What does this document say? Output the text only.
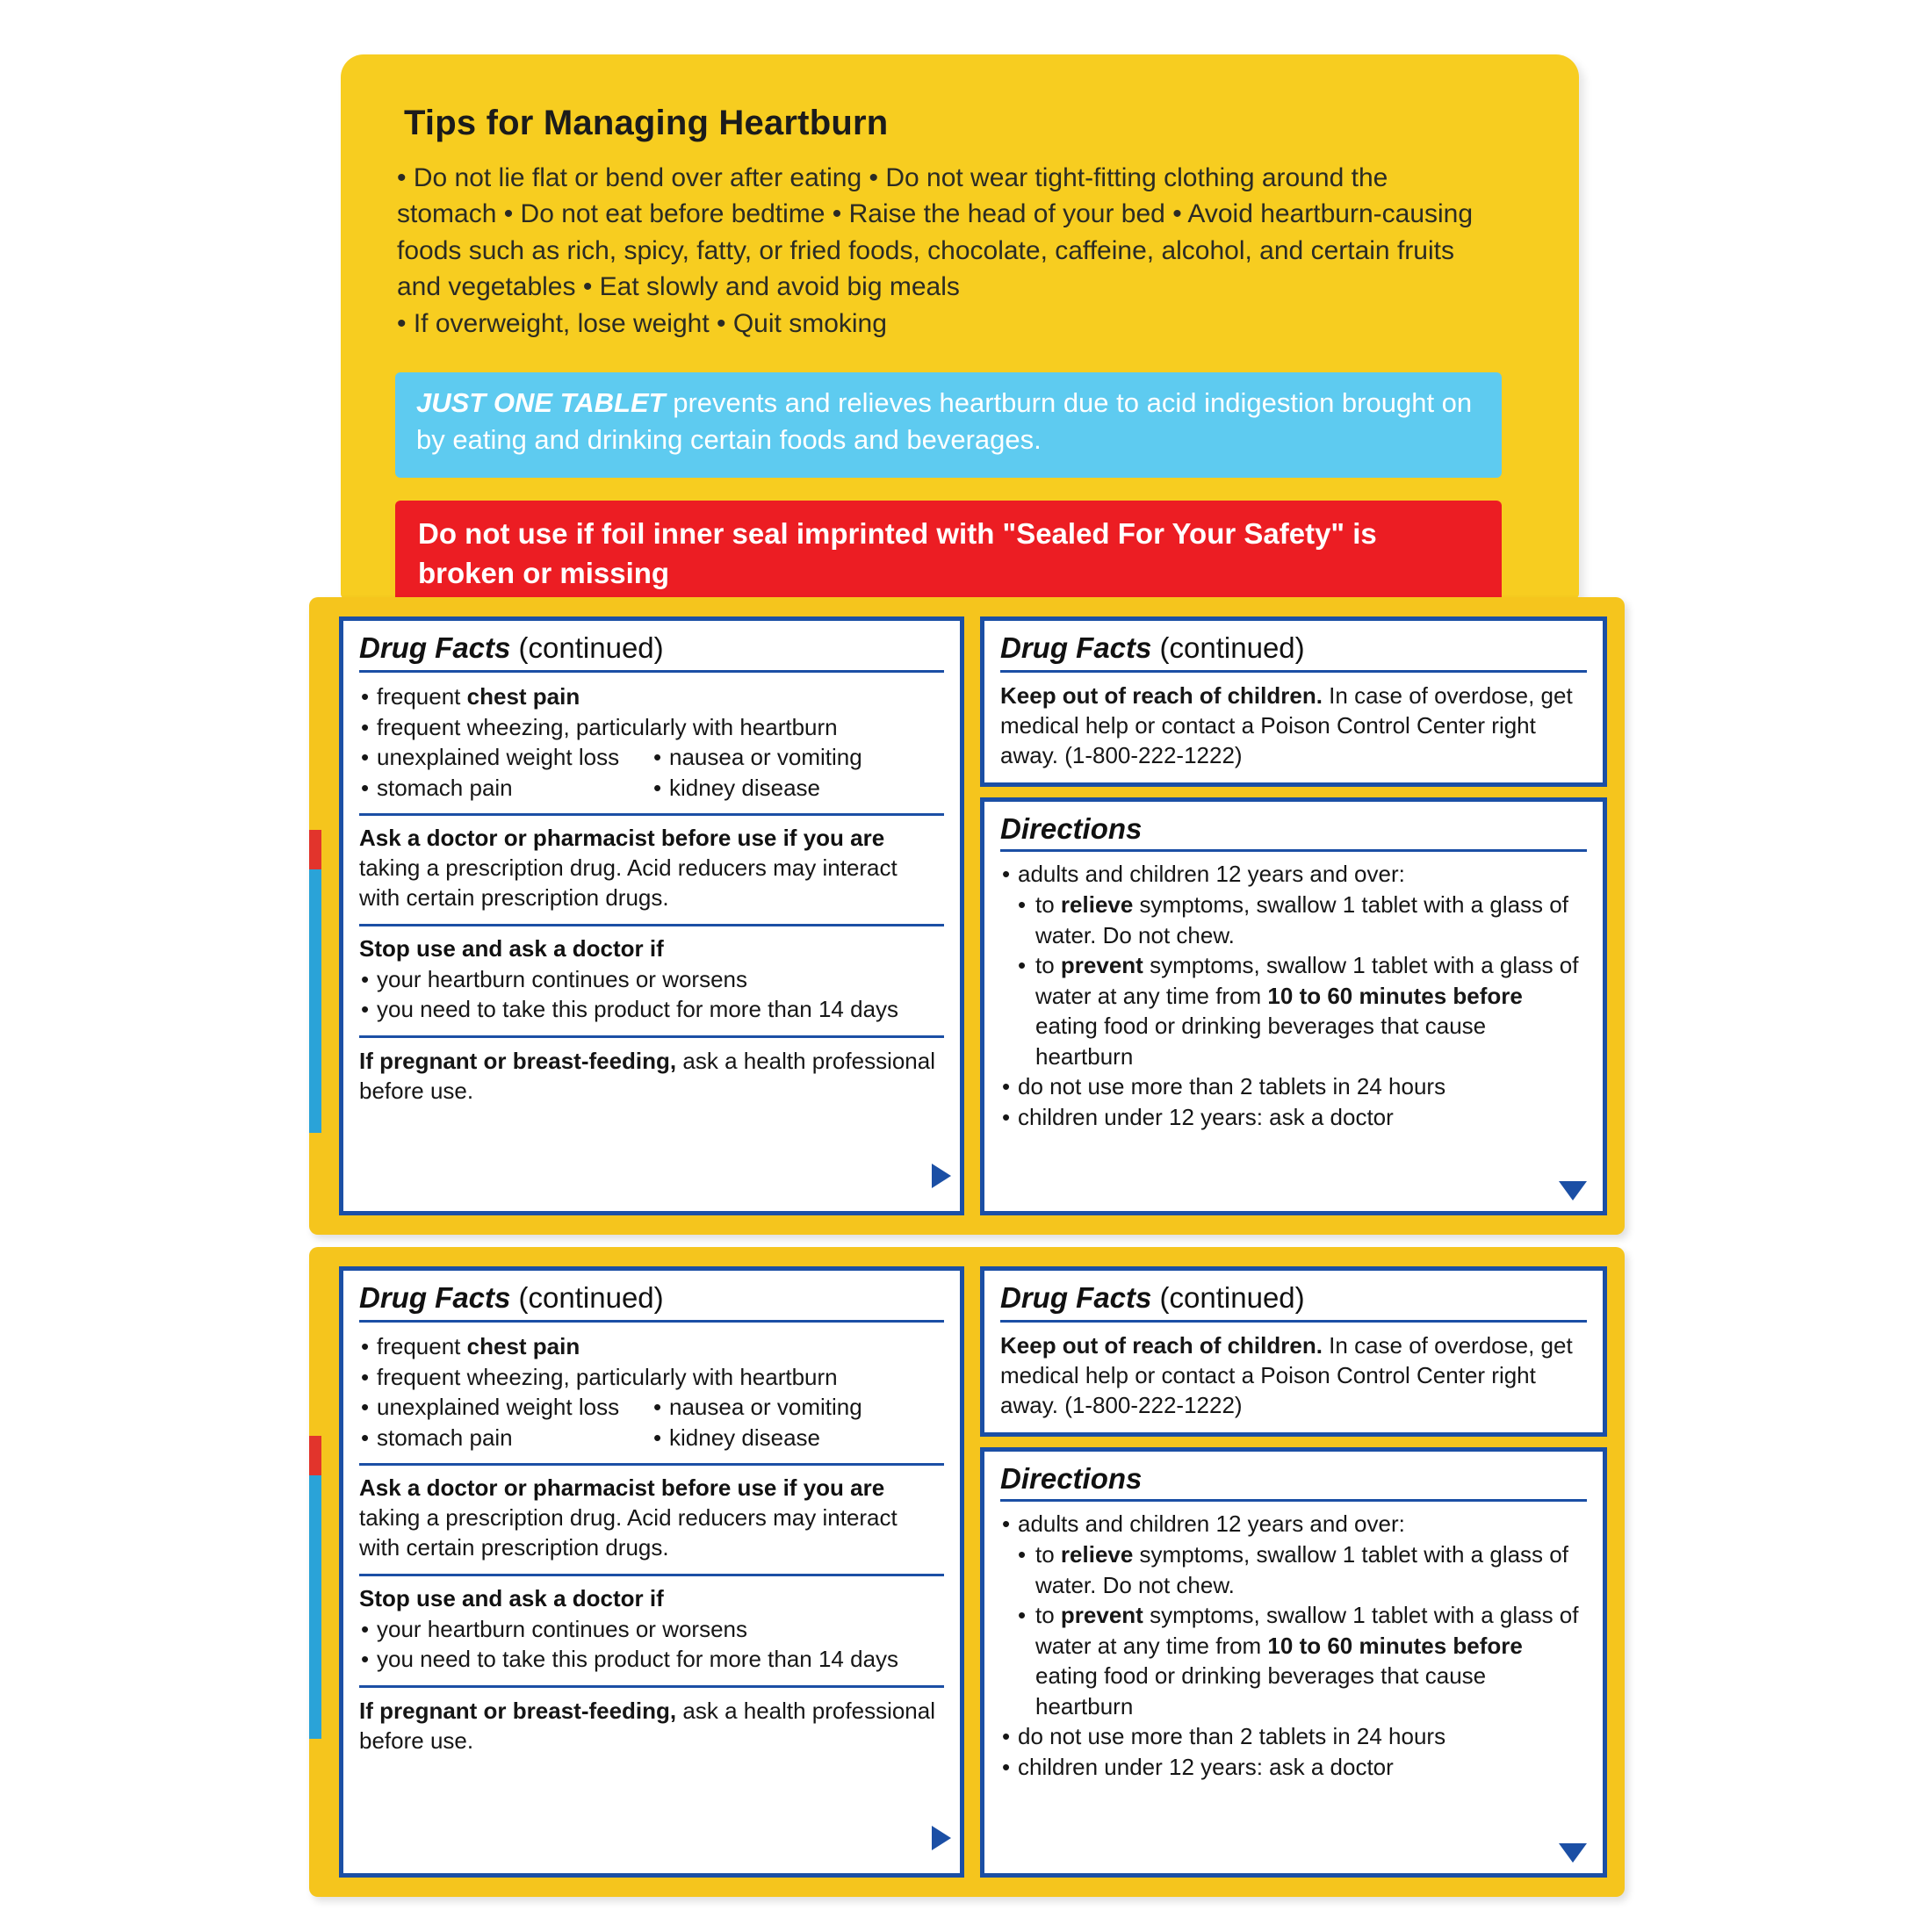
Tips for Managing Heartburn
• Do not lie flat or bend over after eating • Do not wear tight-fitting clothing around the
stomach • Do not eat before bedtime • Raise the head of your bed • Avoid heartburn-causing
foods such as rich, spicy, fatty, or fried foods, chocolate, caffeine, alcohol, and certain fruits
and vegetables • Eat slowly and avoid big meals
• If overweight, lose weight • Quit smoking
JUST ONE TABLET prevents and relieves heartburn due to acid indigestion brought on by eating and drinking certain foods and beverages.
Do not use if foil inner seal imprinted with "Sealed For Your Safety" is broken or missing
Drug Facts (continued)
• frequent chest pain
• frequent wheezing, particularly with heartburn
• unexplained weight loss
• stomach pain
• nausea or vomiting
• kidney disease
Ask a doctor or pharmacist before use if you are
taking a prescription drug. Acid reducers may interact with certain prescription drugs.
Stop use and ask a doctor if
• your heartburn continues or worsens
• you need to take this product for more than 14 days
If pregnant or breast-feeding, ask a health professional before use.
Drug Facts (continued)
Keep out of reach of children. In case of overdose, get medical help or contact a Poison Control Center right away. (1-800-222-1222)
Directions
• adults and children 12 years and over:
• to relieve symptoms, swallow 1 tablet with a glass of water. Do not chew.
• to prevent symptoms, swallow 1 tablet with a glass of water at any time from 10 to 60 minutes before eating food or drinking beverages that cause heartburn
• do not use more than 2 tablets in 24 hours
• children under 12 years: ask a doctor
Drug Facts (continued)
• frequent chest pain
• frequent wheezing, particularly with heartburn
• unexplained weight loss
• stomach pain
• nausea or vomiting
• kidney disease
Ask a doctor or pharmacist before use if you are
taking a prescription drug. Acid reducers may interact with certain prescription drugs.
Stop use and ask a doctor if
• your heartburn continues or worsens
• you need to take this product for more than 14 days
If pregnant or breast-feeding, ask a health professional before use.
Drug Facts (continued)
Keep out of reach of children. In case of overdose, get medical help or contact a Poison Control Center right away. (1-800-222-1222)
Directions
• adults and children 12 years and over:
• to relieve symptoms, swallow 1 tablet with a glass of water. Do not chew.
• to prevent symptoms, swallow 1 tablet with a glass of water at any time from 10 to 60 minutes before eating food or drinking beverages that cause heartburn
• do not use more than 2 tablets in 24 hours
• children under 12 years: ask a doctor
